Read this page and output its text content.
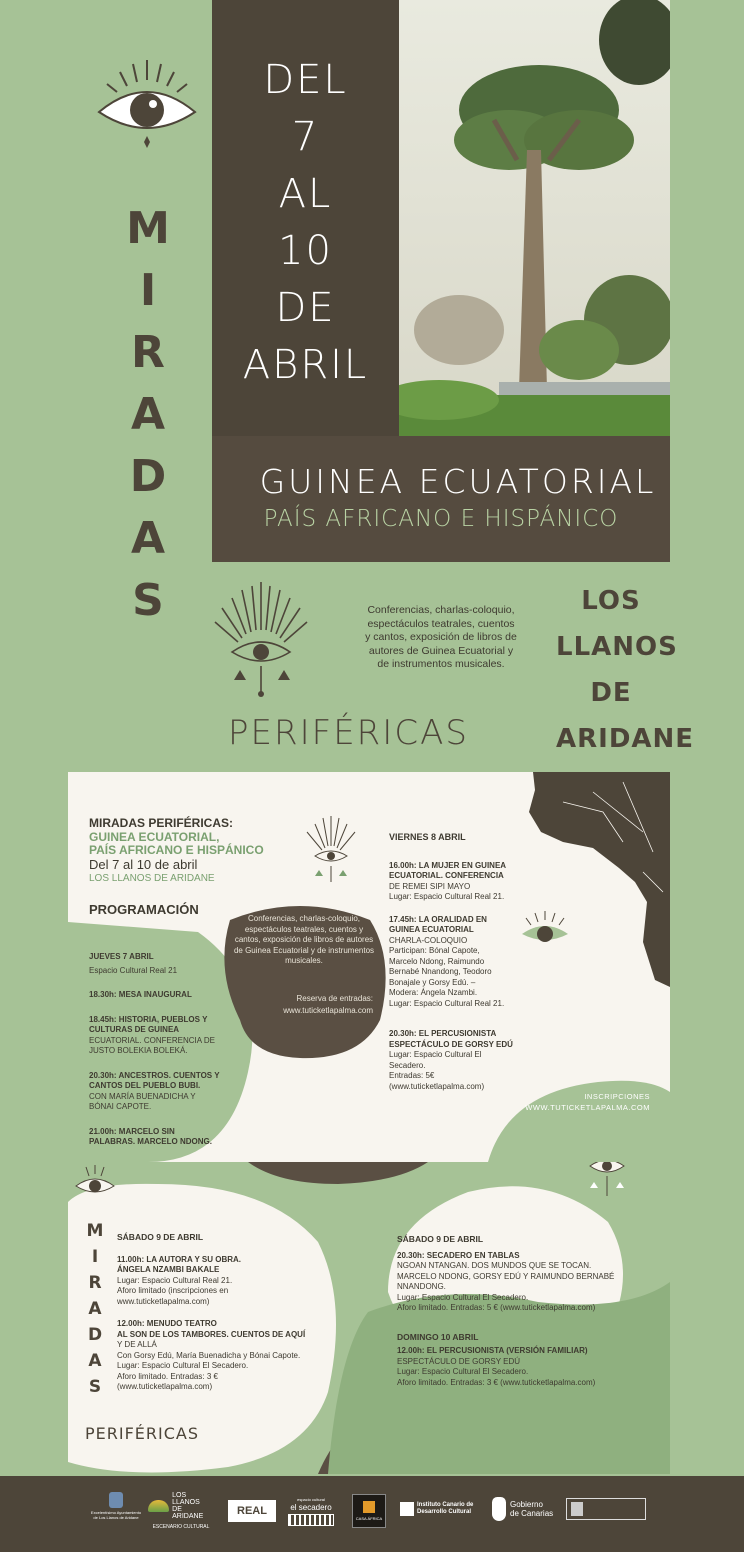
M
I
R
A
D
A
S
DEL
7
AL
10
DE
ABRIL
GUINEA ECUATORIAL
PAÍS AFRICANO E HISPÁNICO
Conferencias, charlas-coloquio, espectáculos teatrales, cuentos y cantos, exposición de libros de autores de Guinea Ecuatorial y de instrumentos musicales.
LOS
LLANOS
DE
ARIDANE
PERIFÉRICAS
MIRADAS PERIFÉRICAS:
GUINEA ECUATORIAL,
PAÍS AFRICANO E HISPÁNICO
Del 7 al 10 de abril
LOS LLANOS DE ARIDANE
PROGRAMACIÓN
Conferencias, charlas-coloquio, espectáculos teatrales, cuentos y cantos, exposición de libros de autores de Guinea Ecuatorial y de instrumentos musicales.
Reserva de entradas:
www.tuticketlapalma.com
JUEVES 7 ABRIL
Espacio Cultural Real 21
18.30h: MESA INAUGURAL
18.45h: HISTORIA, PUEBLOS Y
CULTURAS DE GUINEA
ECUATORIAL. CONFERENCIA DE
JUSTO BOLEKIA BOLEKÁ.
20.30h: ANCESTROS. CUENTOS Y
CANTOS DEL PUEBLO BUBI.
CON MARÍA BUENADICHA Y
BÓNAI CAPOTE.
21.00h: MARCELO SIN
PALABRAS. MARCELO NDONG.
VIERNES 8 ABRIL
16.00h: LA MUJER EN GUINEA
ECUATORIAL. CONFERENCIA
DE REMEI SIPI MAYO
Lugar: Espacio Cultural Real 21.
17.45h: LA ORALIDAD EN
GUINEA ECUATORIAL
CHARLA-COLOQUIO
Participan: Bónal Capote,
Marcelo Ndong, Raimundo
Bernabé Nnandong, Teodoro
Bonajale y Gorsy Edú. –
Modera: Ángela Nzambi.
Lugar: Espacio Cultural Real 21.
20.30h: EL PERCUSIONISTA
ESPECTÁCULO DE GORSY EDÚ
Lugar: Espacio Cultural El
Secadero.
Entradas: 5€
(www.tuticketlapalma.com)
INSCRIPCIONES
WWW.TUTICKETLAPALMA.COM
M
I
R
A
D
A
S
PERIFÉRICAS
SÁBADO 9 DE ABRIL
11.00h: LA AUTORA Y SU OBRA.
ÁNGELA NZAMBI BAKALE
Lugar: Espacio Cultural Real 21.
Aforo limitado (inscripciones en
www.tuticketlapalma.com)
12.00h: MENUDO TEATRO
AL SON DE LOS TAMBORES. CUENTOS DE AQUÍ
Y DE ALLÁ
Con Gorsy Edú, María Buenadicha y Bónai Capote.
Lugar: Espacio Cultural El Secadero.
Aforo limitado. Entradas: 3 €
(www.tuticketlapalma.com)
SÁBADO 9 DE ABRIL
20.30h: SECADERO EN TABLAS
NGOAN NTANGAN. DOS MUNDOS QUE SE TOCAN.
MARCELO NDONG, GORSY EDÚ Y RAIMUNDO BERNABÉ
NNANDONG.
Lugar: Espacio Cultural El Secadero.
Aforo limitado. Entradas: 5 € (www.tuticketlapalma.com)
DOMINGO 10 ABRIL
12.00h: EL PERCUSIONISTA (VERSIÓN FAMILIAR)
ESPECTÁCULO DE GORSY EDÚ
Lugar: Espacio Cultural El Secadero.
Aforo limitado. Entradas: 3 € (www.tuticketlapalma.com)
Excelentísimo Ayuntamiento de Los Llanos de Aridane
LOS LLANOS
DE ARIDANE
ESCENARIO CULTURAL
REAL
espacio cultural
el secadero
CASA ÁFRICA
Instituto Canario de
Desarrollo Cultural
Gobierno
de Canarias
